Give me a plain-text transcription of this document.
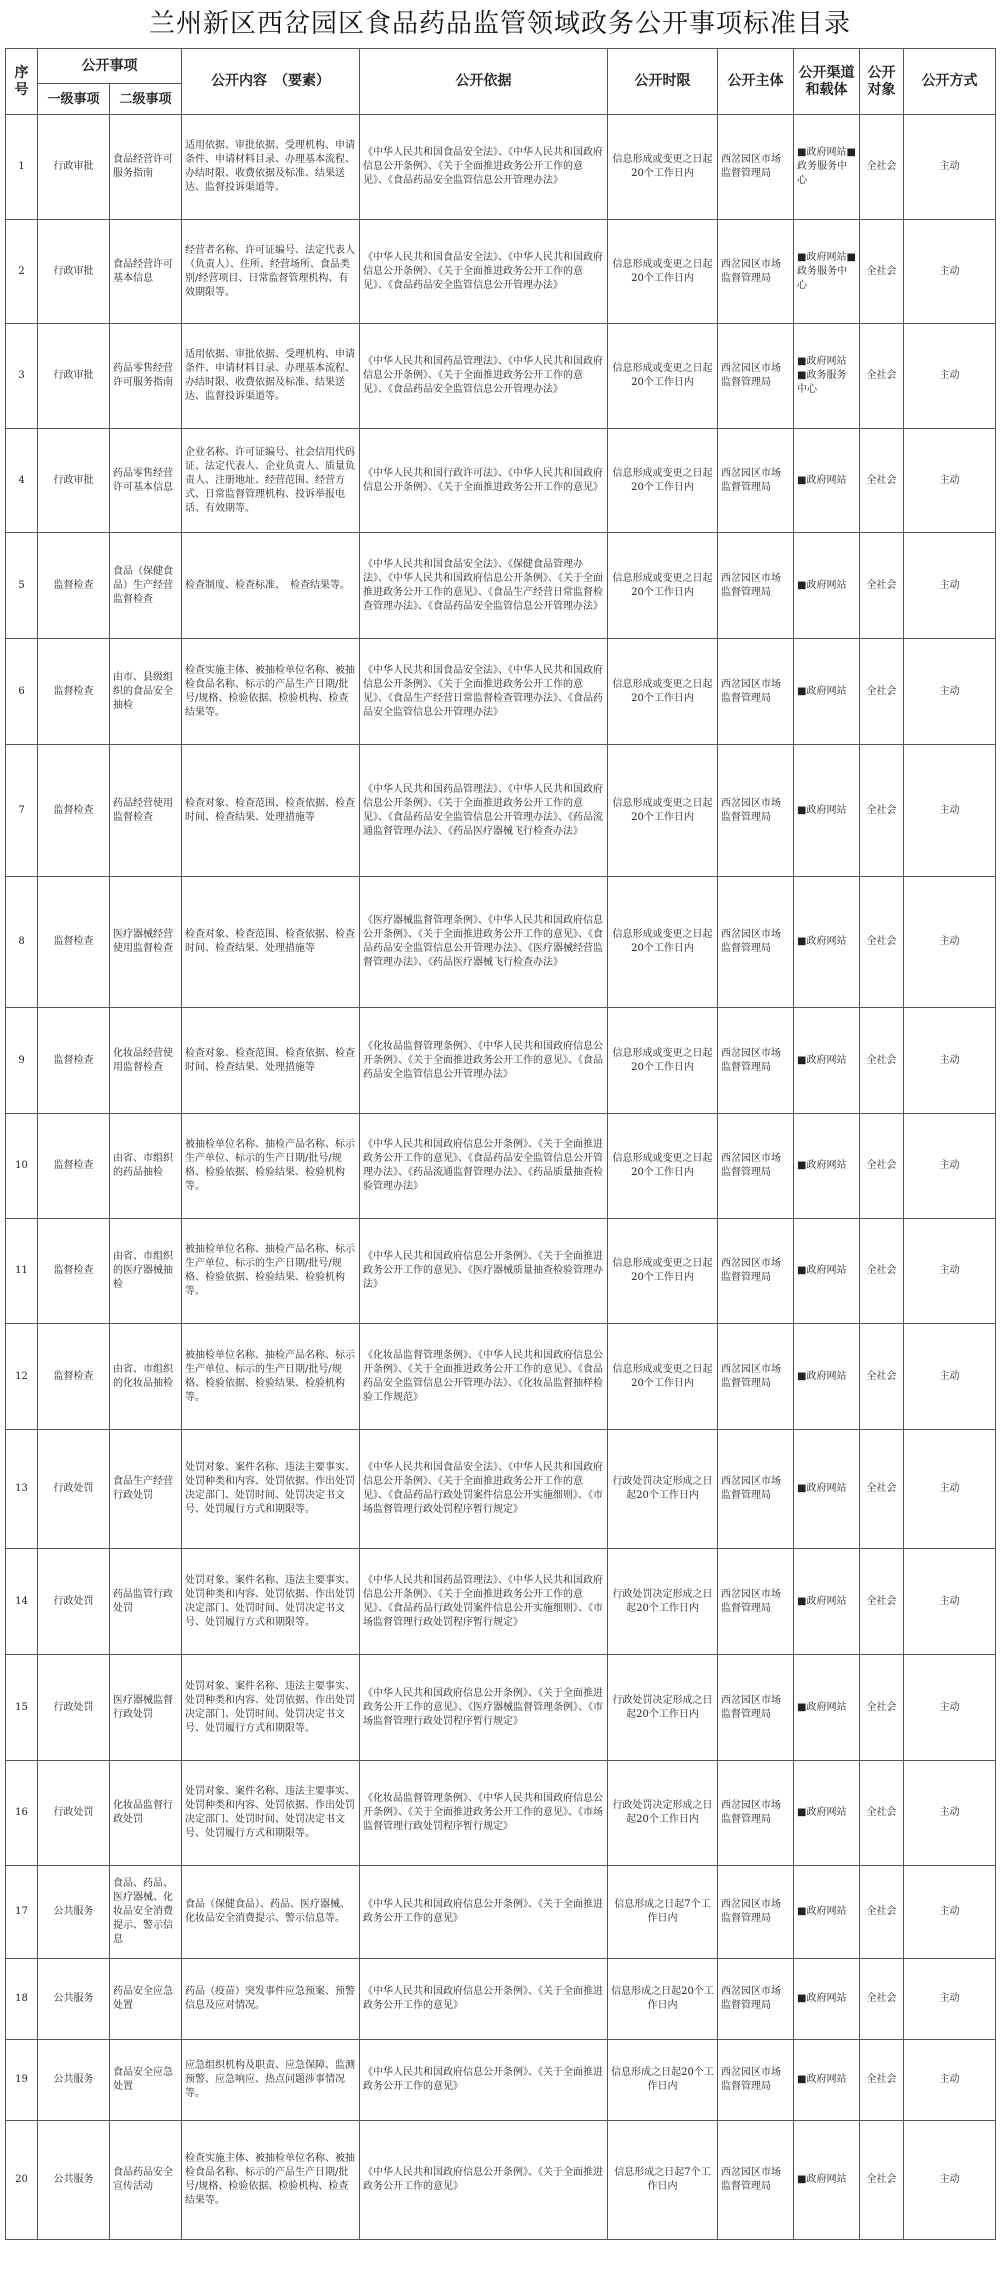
兰州新区西岔园区食品药品监管领域政务公开事项标准目录
序号	公开事项		公开内容　（要素）	公开依据	公开时限	公开主体	公开渠道和载体	公开对象	公开方式
	一级事项	二级事项							
1	行政审批	食品经营许可服务指南	适用依据、审批依据、受理机构、申请条件、申请材料目录、办理基本流程、办结时限、收费依据及标准、结果送达、监督投诉渠道等。	《中华人民共和国食品安全法》、《中华人民共和国政府信息公开条例》、《关于全面推进政务公开工作的意见》、《食品药品安全监管信息公开管理办法》	信息形成或变更之日起20个工作日内	西岔园区市场监督管理局	■政府网站■政务服务中心	全社会	主动
2	行政审批	食品经营许可基本信息	经营者名称、许可证编号、法定代表人（负责人）、住所、经营场所、食品类别/经营项目、日常监督管理机构、有效期限等。	《中华人民共和国食品安全法》、《中华人民共和国政府信息公开条例》、《关于全面推进政务公开工作的意见》、《食品药品安全监管信息公开管理办法》	信息形成或变更之日起20个工作日内	西岔园区市场监督管理局	■政府网站■政务服务中心	全社会	主动
3	行政审批	药品零售经营许可服务指南	适用依据、审批依据、受理机构、申请条件、申请材料目录、办理基本流程、办结时限、收费依据及标准、结果送达、监督投诉渠道等。	《中华人民共和国药品管理法》、《中华人民共和国政府信息公开条例》、《关于全面推进政务公开工作的意见》、《食品药品安全监管信息公开管理办法》	信息形成或变更之日起20个工作日内	西岔园区市场监督管理局	■政府网站　■政务服务中心	全社会	主动
4	行政审批	药品零售经营许可基本信息	企业名称、许可证编号、社会信用代码证、法定代表人、企业负责人、质量负责人、注册地址、经营范围、经营方式、日常监督管理机构、投诉举报电话、有效期等。	《中华人民共和国行政许可法》、《中华人民共和国政府信息公开条例》、《关于全面推进政务公开工作的意见》	信息形成或变更之日起20个工作日内	西岔园区市场监督管理局	■政府网站	全社会	主动
5	监督检查	食品（保健食品）生产经营监督检查	检查制度、检查标准、　检查结果等。	《中华人民共和国食品安全法》、《保健食品管理办法》、《中华人民共和国政府信息公开条例》、《关于全面推进政务公开工作的意见》、《食品生产经营日常监督检查管理办法》、《食品药品安全监管信息公开管理办法》	信息形成或变更之日起20个工作日内	西岔园区市场监督管理局	■政府网站	全社会	主动
6	监督检查	由市、县级组织的食品安全抽检	检查实施主体、被抽检单位名称、被抽检食品名称、标示的产品生产日期/批号/规格、检验依据、检验机构、检查结果等。	《中华人民共和国食品安全法》、《中华人民共和国政府信息公开条例》、《关于全面推进政务公开工作的意见》、《食品生产经营日常监督检查管理办法》、《食品药品安全监管信息公开管理办法》	信息形成或变更之日起20个工作日内	西岔园区市场监督管理局	■政府网站	全社会	主动
7	监督检查	药品经营使用监督检查	检查对象、检查范围、检查依据、检查时间、检查结果、处理措施等	《中华人民共和国药品管理法》、《中华人民共和国政府信息公开条例》、《关于全面推进政务公开工作的意见》、《食品药品安全监管信息公开管理办法》、《药品流通监督管理办法》、《药品医疗器械飞行检查办法》	信息形成或变更之日起20个工作日内	西岔园区市场监督管理局	■政府网站	全社会	主动
8	监督检查	医疗器械经营使用监督检查	检查对象、检查范围、检查依据、检查时间、检查结果、处理措施等	《医疗器械监督管理条例》、《中华人民共和国政府信息公开条例》、《关于全面推进政务公开工作的意见》、《食品药品安全监管信息公开管理办法》、《医疗器械经营监督管理办法》、《药品医疗器械飞行检查办法》	信息形成或变更之日起20个工作日内	西岔园区市场监督管理局	■政府网站	全社会	主动
9	监督检查	化妆品经营使用监督检查	检查对象、检查范围、检查依据、检查时间、检查结果、处理措施等	《化妆品监督管理条例》、《中华人民共和国政府信息公开条例》、《关于全面推进政务公开工作的意见》、《食品药品安全监管信息公开管理办法》	信息形成或变更之日起20个工作日内	西岔园区市场监督管理局	■政府网站	全社会	主动
10	监督检查	由省、市组织的药品抽检	被抽检单位名称、抽检产品名称、标示生产单位、标示的生产日期/批号/规格、检验依据、检验结果、检验机构等。	《中华人民共和国政府信息公开条例》、《关于全面推进政务公开工作的意见》、《食品药品安全监管信息公开管理办法》、《药品流通监督管理办法》、《药品质量抽查检验管理办法》	信息形成或变更之日起20个工作日内	西岔园区市场监督管理局	■政府网站	全社会	主动
11	监督检查	由省、市组织的医疗器械抽检	被抽检单位名称、抽检产品名称、标示生产单位、标示的生产日期/批号/规格、检验依据、检验结果、检验机构等。	《中华人民共和国政府信息公开条例》、《关于全面推进政务公开工作的意见》、《医疗器械质量抽查检验管理办法》	信息形成或变更之日起20个工作日内	西岔园区市场监督管理局	■政府网站	全社会	主动
12	监督检查	由省、市组织的化妆品抽检	被抽检单位名称、抽检产品名称、标示生产单位、标示的生产日期/批号/规格、检验依据、检验结果、检验机构等。	《化妆品监督管理条例》、《中华人民共和国政府信息公开条例》、《关于全面推进政务公开工作的意见》、《食品药品安全监管信息公开管理办法》、《化妆品监督抽样检验工作规范》	信息形成或变更之日起20个工作日内	西岔园区市场监督管理局	■政府网站	全社会	主动
13	行政处罚	食品生产经营行政处罚	处罚对象、案件名称、违法主要事实、处罚种类和内容、处罚依据、作出处罚决定部门、处罚时间、处罚决定书文号、处罚履行方式和期限等。	《中华人民共和国食品安全法》、《中华人民共和国政府信息公开条例》、《关于全面推进政务公开工作的意见》、《食品药品行政处罚案件信息公开实施细则》、《市场监督管理行政处罚程序暂行规定》	行政处罚决定形成之日起20个工作日内	西岔园区市场监督管理局	■政府网站	全社会	主动
14	行政处罚	药品监管行政处罚	处罚对象、案件名称、违法主要事实、处罚种类和内容、处罚依据、作出处罚决定部门、处罚时间、处罚决定书文号、处罚履行方式和期限等。	《中华人民共和国药品管理法》、《中华人民共和国政府信息公开条例》、《关于全面推进政务公开工作的意见》、《食品药品行政处罚案件信息公开实施细则》、《市场监督管理行政处罚程序暂行规定》	行政处罚决定形成之日起20个工作日内	西岔园区市场监督管理局	■政府网站	全社会	主动
15	行政处罚	医疗器械监督行政处罚	处罚对象、案件名称、违法主要事实、处罚种类和内容、处罚依据、作出处罚决定部门、处罚时间、处罚决定书文号、处罚履行方式和期限等。	《中华人民共和国政府信息公开条例》、《关于全面推进政务公开工作的意见》、《医疗器械监督管理条例》、《市场监督管理行政处罚程序暂行规定》	行政处罚决定形成之日起20个工作日内	西岔园区市场监督管理局	■政府网站	全社会	主动
16	行政处罚	化妆品监督行政处罚	处罚对象、案件名称、违法主要事实、处罚种类和内容、处罚依据、作出处罚决定部门、处罚时间、处罚决定书文号、处罚履行方式和期限等。	《化妆品监督管理条例》、《中华人民共和国政府信息公开条例》、《关于全面推进政务公开工作的意见》、《市场监督管理行政处罚程序暂行规定》	行政处罚决定形成之日起20个工作日内	西岔园区市场监督管理局	■政府网站	全社会	主动
17	公共服务	食品、药品、医疗器械、化妆品安全消费提示、警示信息	食品（保健食品）、药品、医疗器械、化妆品安全消费提示、警示信息等。	《中华人民共和国政府信息公开条例》、《关于全面推进政务公开工作的意见》	信息形成之日起7个工作日内	西岔园区市场监督管理局	■政府网站	全社会	主动
18	公共服务	药品安全应急处置	药品（疫苗）突发事件应急预案、预警信息及应对情况。	《中华人民共和国政府信息公开条例》、《关于全面推进政务公开工作的意见》	信息形成之日起20个工作日内	西岔园区市场监督管理局	■政府网站	全社会	主动
19	公共服务	食品安全应急处置	应急组织机构及职责、应急保障、监测预警、应急响应、热点问题涉事情况等。	《中华人民共和国政府信息公开条例》、《关于全面推进政务公开工作的意见》	信息形成之日起20个工作日内	西岔园区市场监督管理局	■政府网站	全社会	主动
20	公共服务	食品药品安全宣传活动	检查实施主体、被抽检单位名称、被抽检食品名称、标示的产品生产日期/批号/规格、检验依据、检验机构、检查结果等。	《中华人民共和国政府信息公开条例》、《关于全面推进政务公开工作的意见》	信息形成之日起7个工作日内	西岔园区市场监督管理局	■政府网站	全社会	主动
